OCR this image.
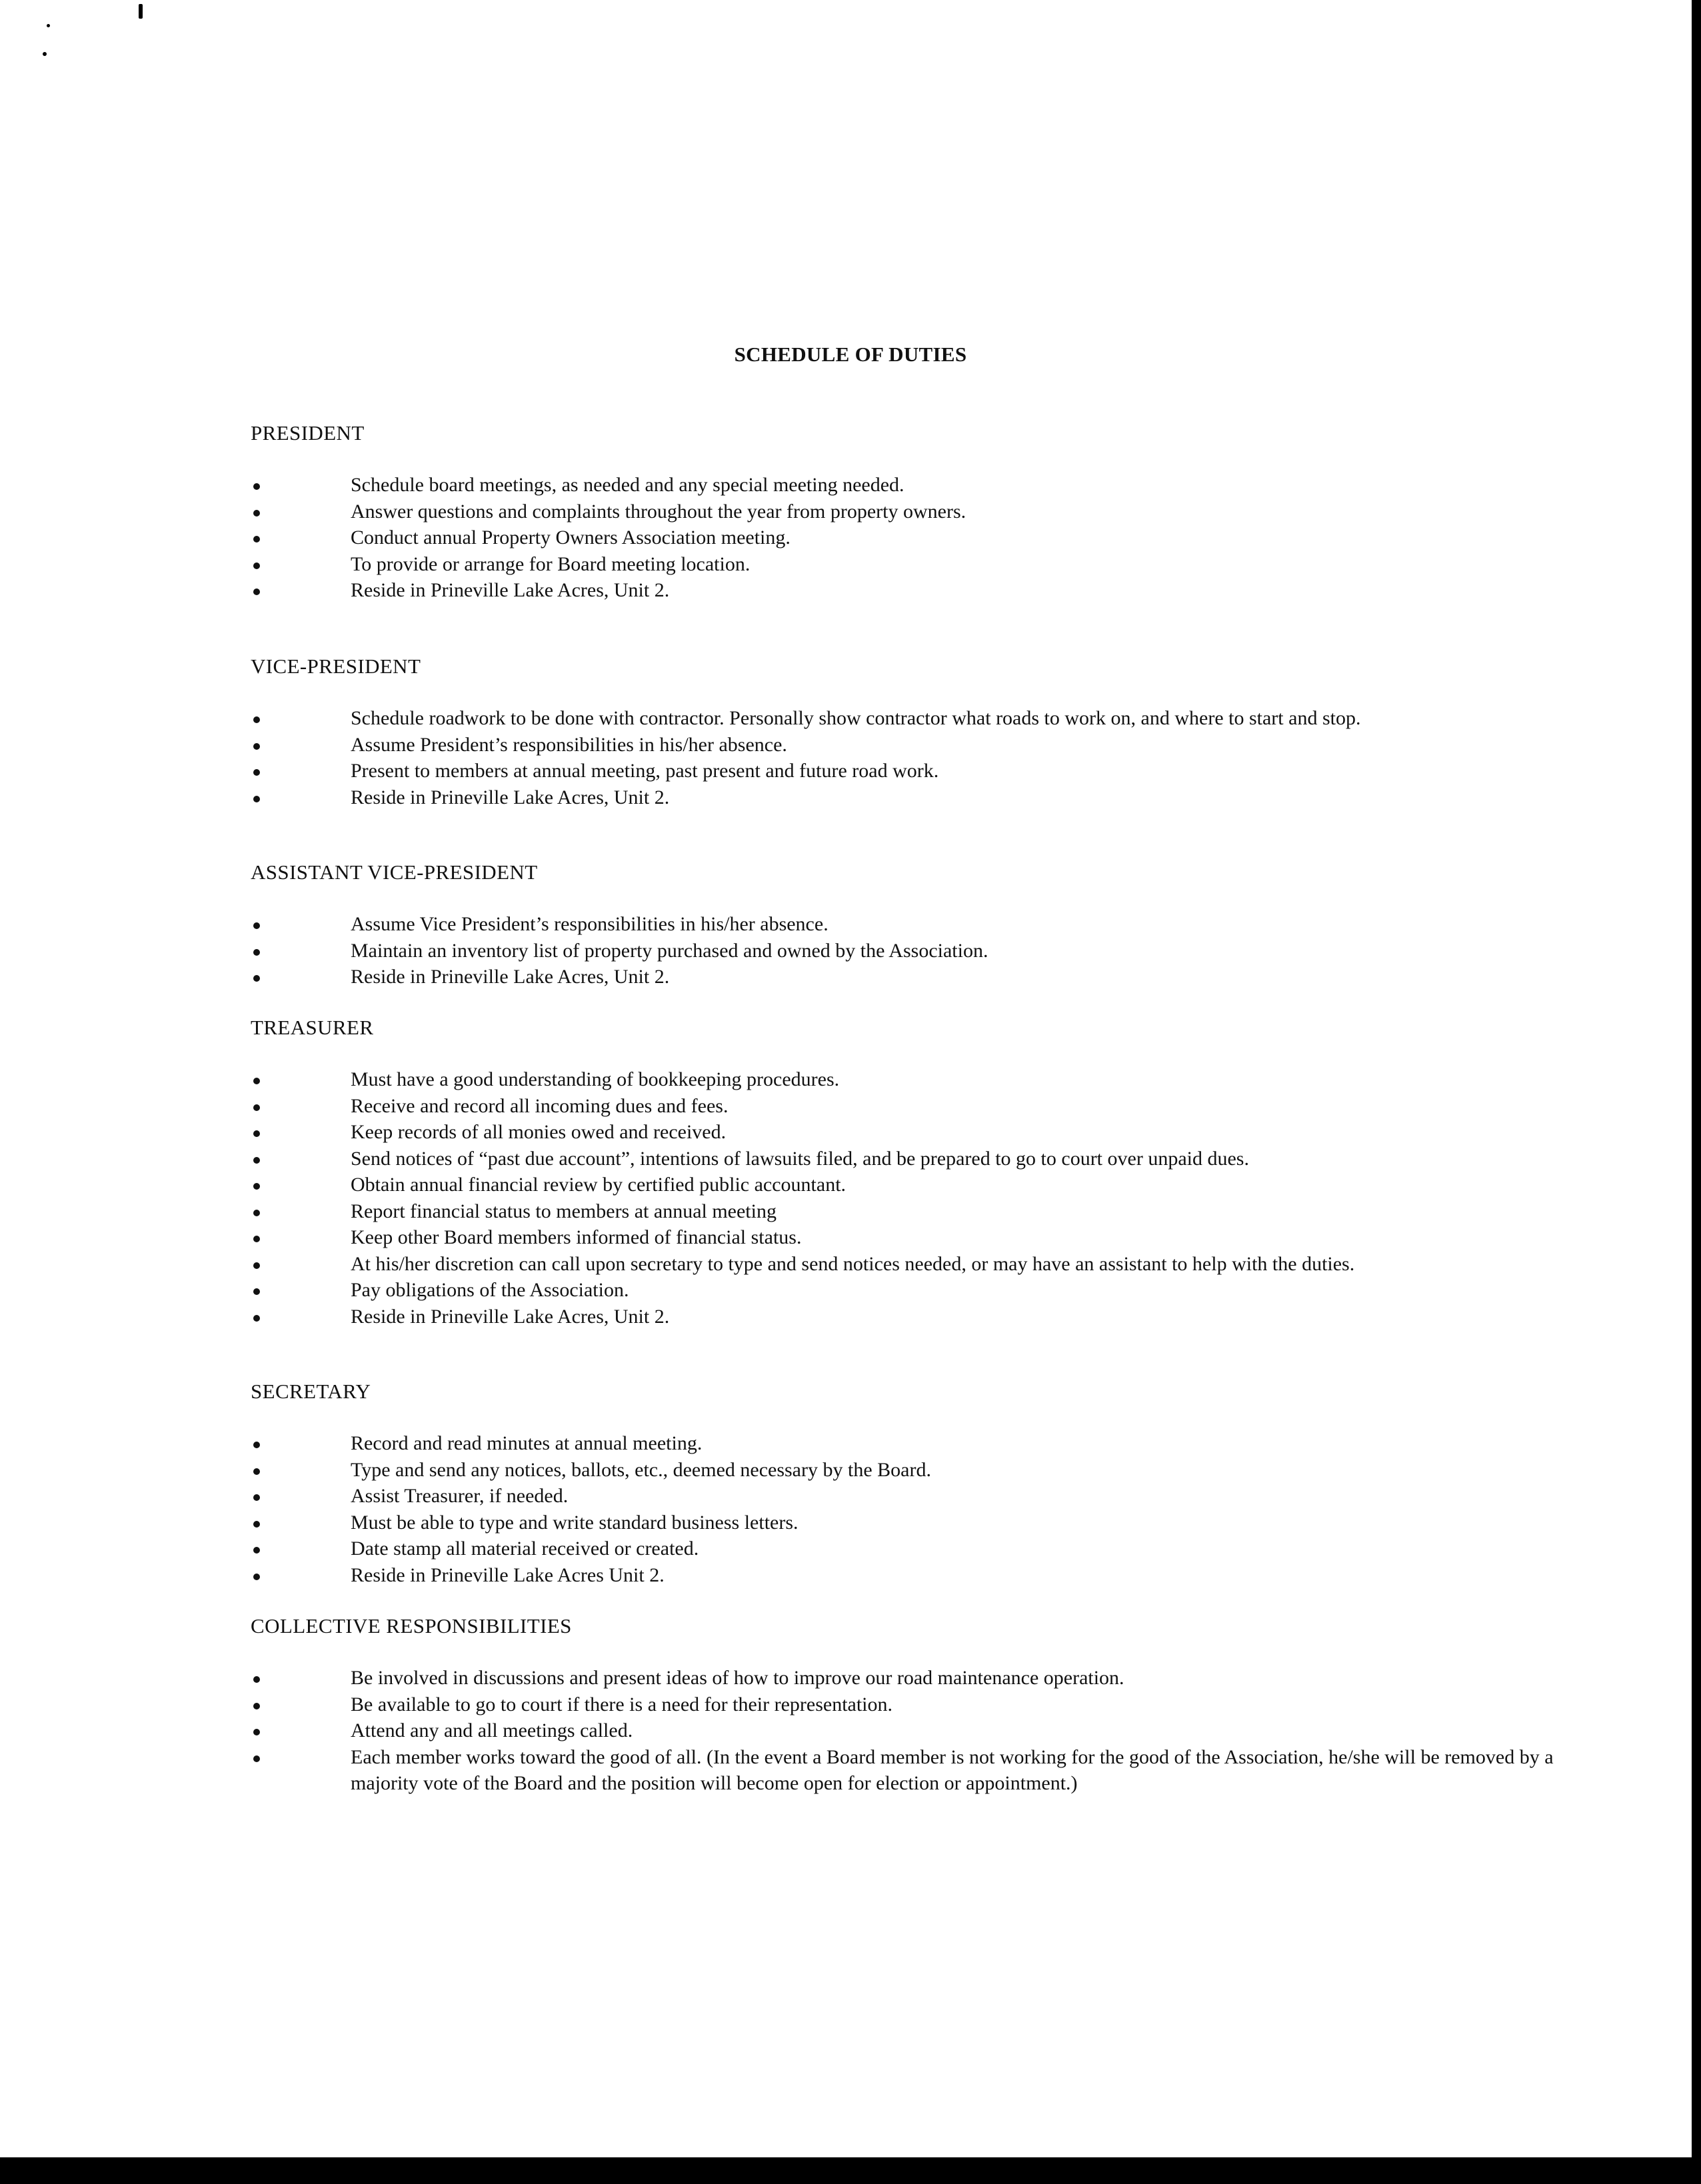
SCHEDULE OF DUTIES
PRESIDENT
Schedule board meetings, as needed and any special meeting needed.
Answer questions and complaints throughout the year from property owners.
Conduct annual Property Owners Association meeting.
To provide or arrange for Board meeting location.
Reside in Prineville Lake Acres, Unit 2.
VICE-PRESIDENT
Schedule roadwork to be done with contractor. Personally show contractor what roads to work on, and where to start and stop.
Assume President’s responsibilities in his/her absence.
Present to members at annual meeting, past present and future road work.
Reside in Prineville Lake Acres, Unit 2.
ASSISTANT VICE-PRESIDENT
Assume Vice President’s responsibilities in his/her absence.
Maintain an inventory list of property purchased and owned by the Association.
Reside in Prineville Lake Acres, Unit 2.
TREASURER
Must have a good understanding of bookkeeping procedures.
Receive and record all incoming dues and fees.
Keep records of all monies owed and received.
Send notices of “past due account”, intentions of lawsuits filed, and be prepared to go to court over unpaid dues.
Obtain annual financial review by certified public accountant.
Report financial status to members at annual meeting
Keep other Board members informed of financial status.
At his/her discretion can call upon secretary to type and send notices needed, or may have an assistant to help with the duties.
Pay obligations of the Association.
Reside in Prineville Lake Acres, Unit 2.
SECRETARY
Record and read minutes at annual meeting.
Type and send any notices, ballots, etc., deemed necessary by the Board.
Assist Treasurer, if needed.
Must be able to type and write standard business letters.
Date stamp all material received or created.
Reside in Prineville Lake Acres Unit 2.
COLLECTIVE RESPONSIBILITIES
Be involved in discussions and present ideas of how to improve our road maintenance operation.
Be available to go to court if there is a need for their representation.
Attend any and all meetings called.
Each member works toward the good of all. (In the event a Board member is not working for the good of the Association, he/she will be removed by a majority vote of the Board and the position will become open for election or appointment.)
